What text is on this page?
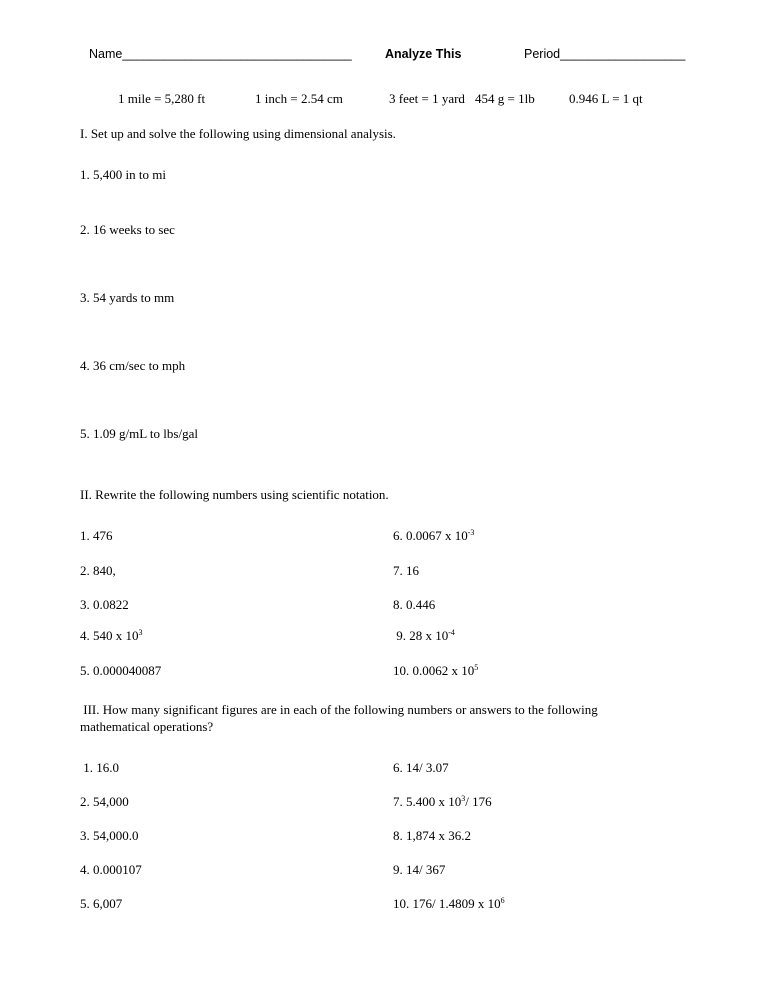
Name_________________________________	Analyze This	Period__________________
1 mile = 5,280 ft	1 inch = 2.54 cm	3 feet = 1 yard 454 g = 1lb	0.946 L = 1 qt
I. Set up and solve the following using dimensional analysis.
1. 5,400 in to mi
2. 16 weeks to sec
3. 54 yards to mm
4. 36 cm/sec to mph
5. 1.09 g/mL to lbs/gal
II. Rewrite the following numbers using scientific notation.
1. 476	6. 0.0067 x $10^{-3}$
2. 840,	7. 16
3. 0.0822	8. 0.446
4. 540 x $10^3$	9. 28 x $10^{-4}$
5. 0.000040087	10. 0.0062 x $10^5$
III. How many significant figures are in each of the following numbers or answers to the following
mathematical operations?
1. 16.0	6. 14/ 3.07
2. 54,000	7. 5.400 x $10^3/$ 176
3. 54,000.0	8. 1,874 x 36.2
4. 0.000107	9. 14/ 367
5. 6,007	10. 176/ 1.4809 x $10^6$
